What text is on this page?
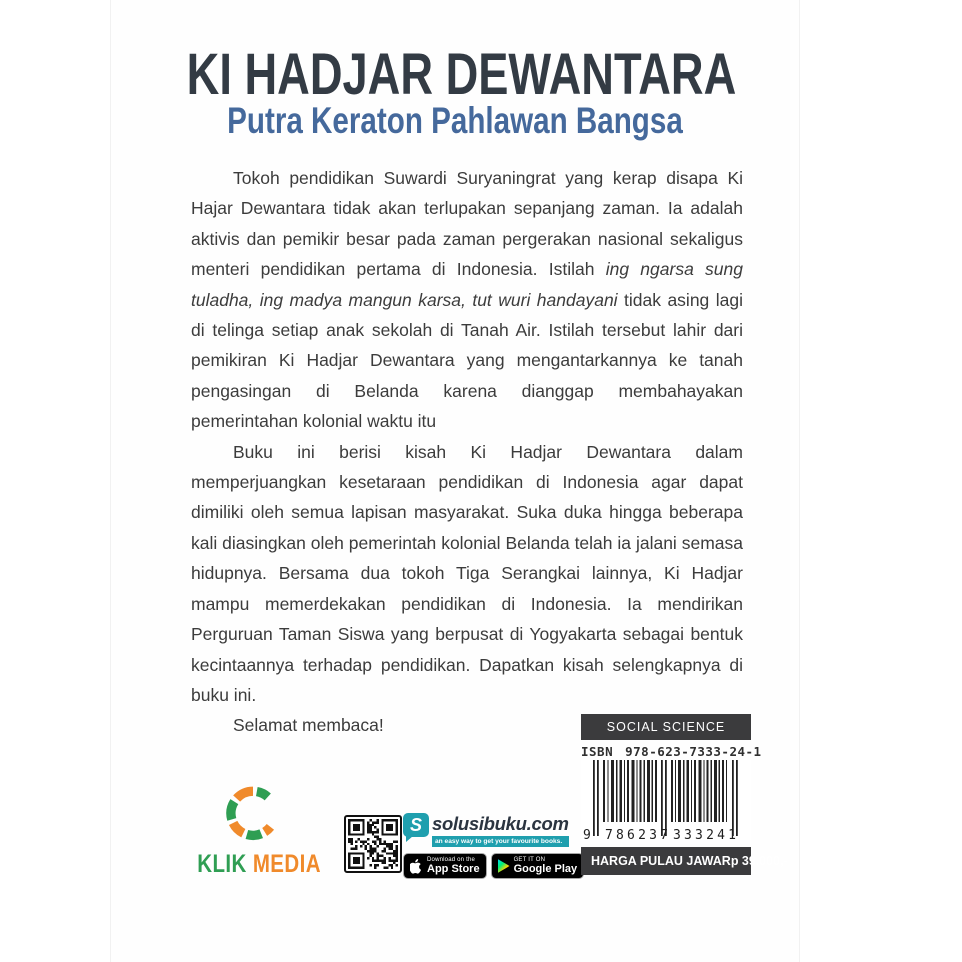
KI HADJAR DEWANTARA
Putra Keraton Pahlawan Bangsa

Tokoh pendidikan Suwardi Suryaningrat yang kerap disapa Ki Hajar Dewantara tidak akan terlupakan sepanjang zaman. Ia adalah aktivis dan pemikir besar pada zaman pergerakan nasional sekaligus menteri pendidikan pertama di Indonesia. Istilah ing ngarsa sung tuladha, ing madya mangun karsa, tut wuri handayani tidak asing lagi di telinga setiap anak sekolah di Tanah Air. Istilah tersebut lahir dari pemikiran Ki Hadjar Dewantara yang mengantarkannya ke tanah pengasingan di Belanda karena dianggap membahayakan pemerintahan kolonial waktu itu

Buku ini berisi kisah Ki Hadjar Dewantara dalam memperjuangkan kesetaraan pendidikan di Indonesia agar dapat dimiliki oleh semua lapisan masyarakat. Suka duka hingga beberapa kali diasingkan oleh pemerintah kolonial Belanda telah ia jalani semasa hidupnya. Bersama dua tokoh Tiga Serangkai lainnya, Ki Hadjar mampu memerdekakan pendidikan di Indonesia. Ia mendirikan Perguruan Taman Siswa yang berpusat di Yogyakarta sebagai bentuk kecintaannya terhadap pendidikan. Dapatkan kisah selengkapnya di buku ini.

Selamat membaca!

KLIK MEDIA
S solusibuku.com
an easy way to get your favourite books.
Download on the
App Store
GET IT ON
Google Play
SOCIAL SCIENCE
ISBN 978-623-7333-24-1
9 786237 333241
HARGA PULAU JAWA Rp 39.000,-
